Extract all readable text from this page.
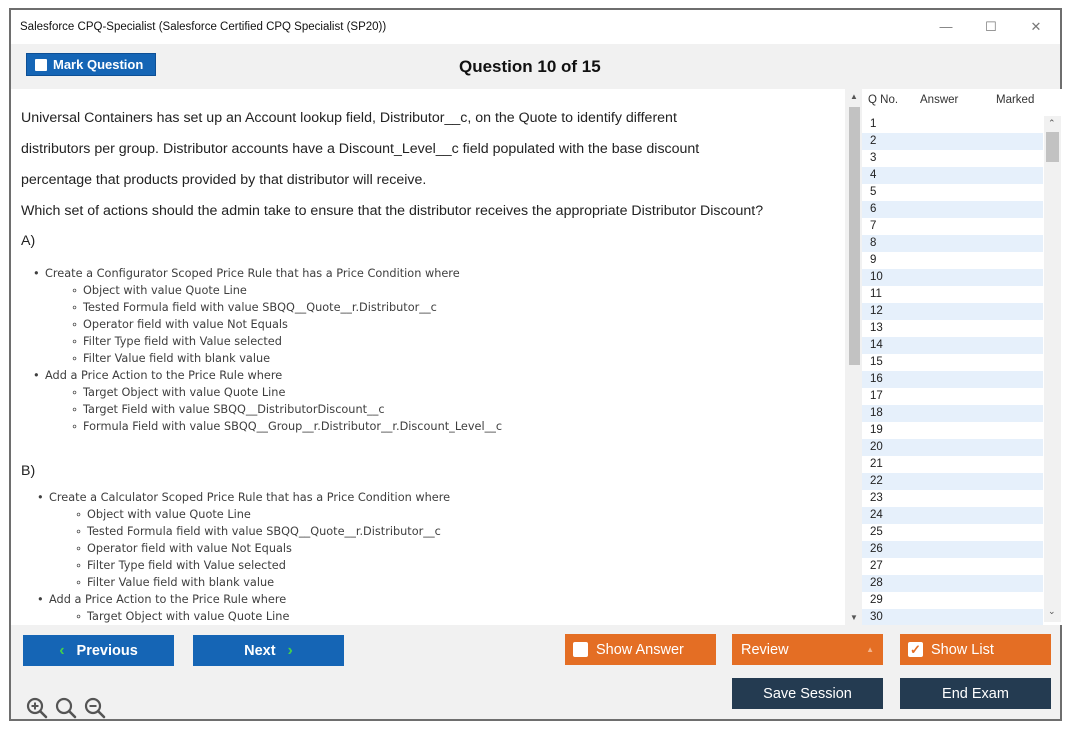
Salesforce CPQ-Specialist (Salesforce Certified CPQ Specialist (SP20))	—	☐	✕
Mark Question	Question 10 of 15
Universal Containers has set up an Account lookup field, Distributor__c, on the Quote to identify different
distributors per group. Distributor accounts have a Discount_Level__c field populated with the base discount
percentage that products provided by that distributor will receive.
Which set of actions should the admin take to ensure that the distributor receives the appropriate Distributor Discount?
A)
• Create a Configurator Scoped Price Rule that has a Price Condition where
∘ Object with value Quote Line
∘ Tested Formula field with value SBQQ__Quote__r.Distributor__c
∘ Operator field with value Not Equals
∘ Filter Type field with Value selected
∘ Filter Value field with blank value
• Add a Price Action to the Price Rule where
∘ Target Object with value Quote Line
∘ Target Field with value SBQQ__DistributorDiscount__c
∘ Formula Field with value SBQQ__Group__r.Distributor__r.Discount_Level__c
B)
• Create a Calculator Scoped Price Rule that has a Price Condition where
∘ Object with value Quote Line
∘ Tested Formula field with value SBQQ__Quote__r.Distributor__c
∘ Operator field with value Not Equals
∘ Filter Type field with Value selected
∘ Filter Value field with blank value
• Add a Price Action to the Price Rule where
∘ Target Object with value Quote Line
▲
▼
Q No. Answer	Marked
1
2
3
4
5
6
7
8
9
10
11
12
13
14
15
16
17
18
19
20
21
22
23
24
25
26
27
28
29
30
⌃
⌄
‹ Previous	Next ›	Show Answer	Review	▲	✓ Show List
Save Session	End Exam
